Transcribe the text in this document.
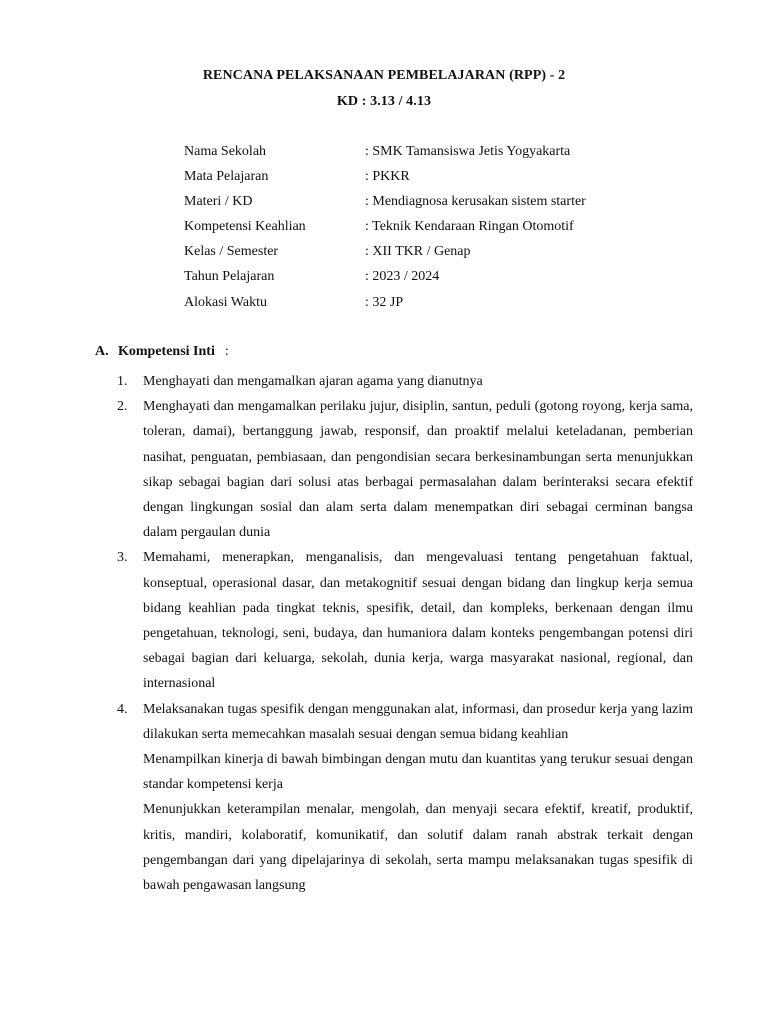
RENCANA PELAKSANAAN PEMBELAJARAN (RPP) - 2
KD : 3.13 / 4.13
Nama Sekolah	: SMK Tamansiswa Jetis Yogyakarta
Mata Pelajaran	: PKKR
Materi / KD	: Mendiagnosa kerusakan sistem starter
Kompetensi Keahlian	: Teknik Kendaraan Ringan Otomotif
Kelas / Semester	: XII TKR / Genap
Tahun Pelajaran	: 2023 / 2024
Alokasi Waktu	: 32 JP
A. Kompetensi Inti :
1. Menghayati dan mengamalkan ajaran agama yang dianutnya
2. Menghayati dan mengamalkan perilaku jujur, disiplin, santun, peduli (gotong royong, kerja sama, toleran, damai), bertanggung jawab, responsif, dan proaktif melalui keteladanan, pemberian nasihat, penguatan, pembiasaan, dan pengondisian secara berkesinambungan serta menunjukkan sikap sebagai bagian dari solusi atas berbagai permasalahan dalam berinteraksi secara efektif dengan lingkungan sosial dan alam serta dalam menempatkan diri sebagai cerminan bangsa dalam pergaulan dunia
3. Memahami, menerapkan, menganalisis, dan mengevaluasi tentang pengetahuan faktual, konseptual, operasional dasar, dan metakognitif sesuai dengan bidang dan lingkup kerja semua bidang keahlian pada tingkat teknis, spesifik, detail, dan kompleks, berkenaan dengan ilmu pengetahuan, teknologi, seni, budaya, dan humaniora dalam konteks pengembangan potensi diri sebagai bagian dari keluarga, sekolah, dunia kerja, warga masyarakat nasional, regional, dan internasional
4. Melaksanakan tugas spesifik dengan menggunakan alat, informasi, dan prosedur kerja yang lazim dilakukan serta memecahkan masalah sesuai dengan semua bidang keahlian
Menampilkan kinerja di bawah bimbingan dengan mutu dan kuantitas yang terukur sesuai dengan standar kompetensi kerja
Menunjukkan keterampilan menalar, mengolah, dan menyaji secara efektif, kreatif, produktif, kritis, mandiri, kolaboratif, komunikatif, dan solutif dalam ranah abstrak terkait dengan pengembangan dari yang dipelajarinya di sekolah, serta mampu melaksanakan tugas spesifik di bawah pengawasan langsung
